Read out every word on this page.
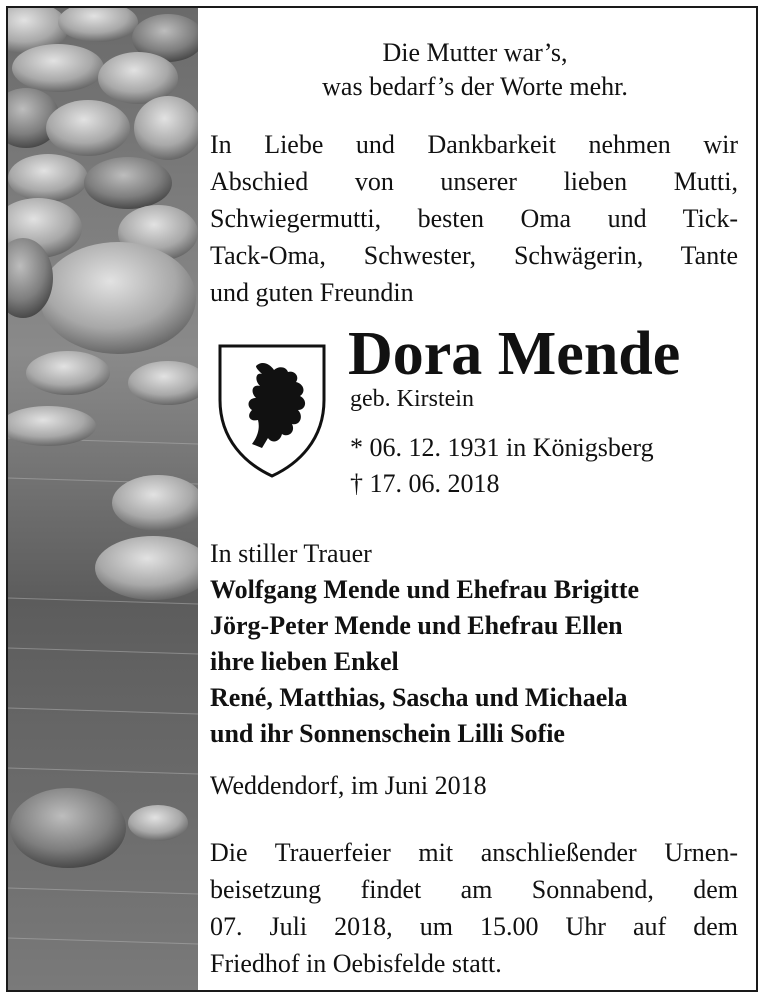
Die Mutter war’s,
was bedarf’s der Worte mehr.
In Liebe und Dankbarkeit nehmen wir
Abschied von unserer lieben Mutti,
Schwiegermutti, besten Oma und Tick-
Tack-Oma, Schwester, Schwägerin, Tante
und guten Freundin
Dora Mende
geb. Kirstein
* 06. 12. 1931 in Königsberg
† 17. 06. 2018
In stiller Trauer
Wolfgang Mende und Ehefrau Brigitte
Jörg-Peter Mende und Ehefrau Ellen
ihre lieben Enkel
René, Matthias, Sascha und Michaela
und ihr Sonnenschein Lilli Sofie
Weddendorf, im Juni 2018
Die Trauerfeier mit anschließender Urnen-
beisetzung findet am Sonnabend, dem
07. Juli 2018, um 15.00 Uhr auf dem
Friedhof in Oebisfelde statt.
